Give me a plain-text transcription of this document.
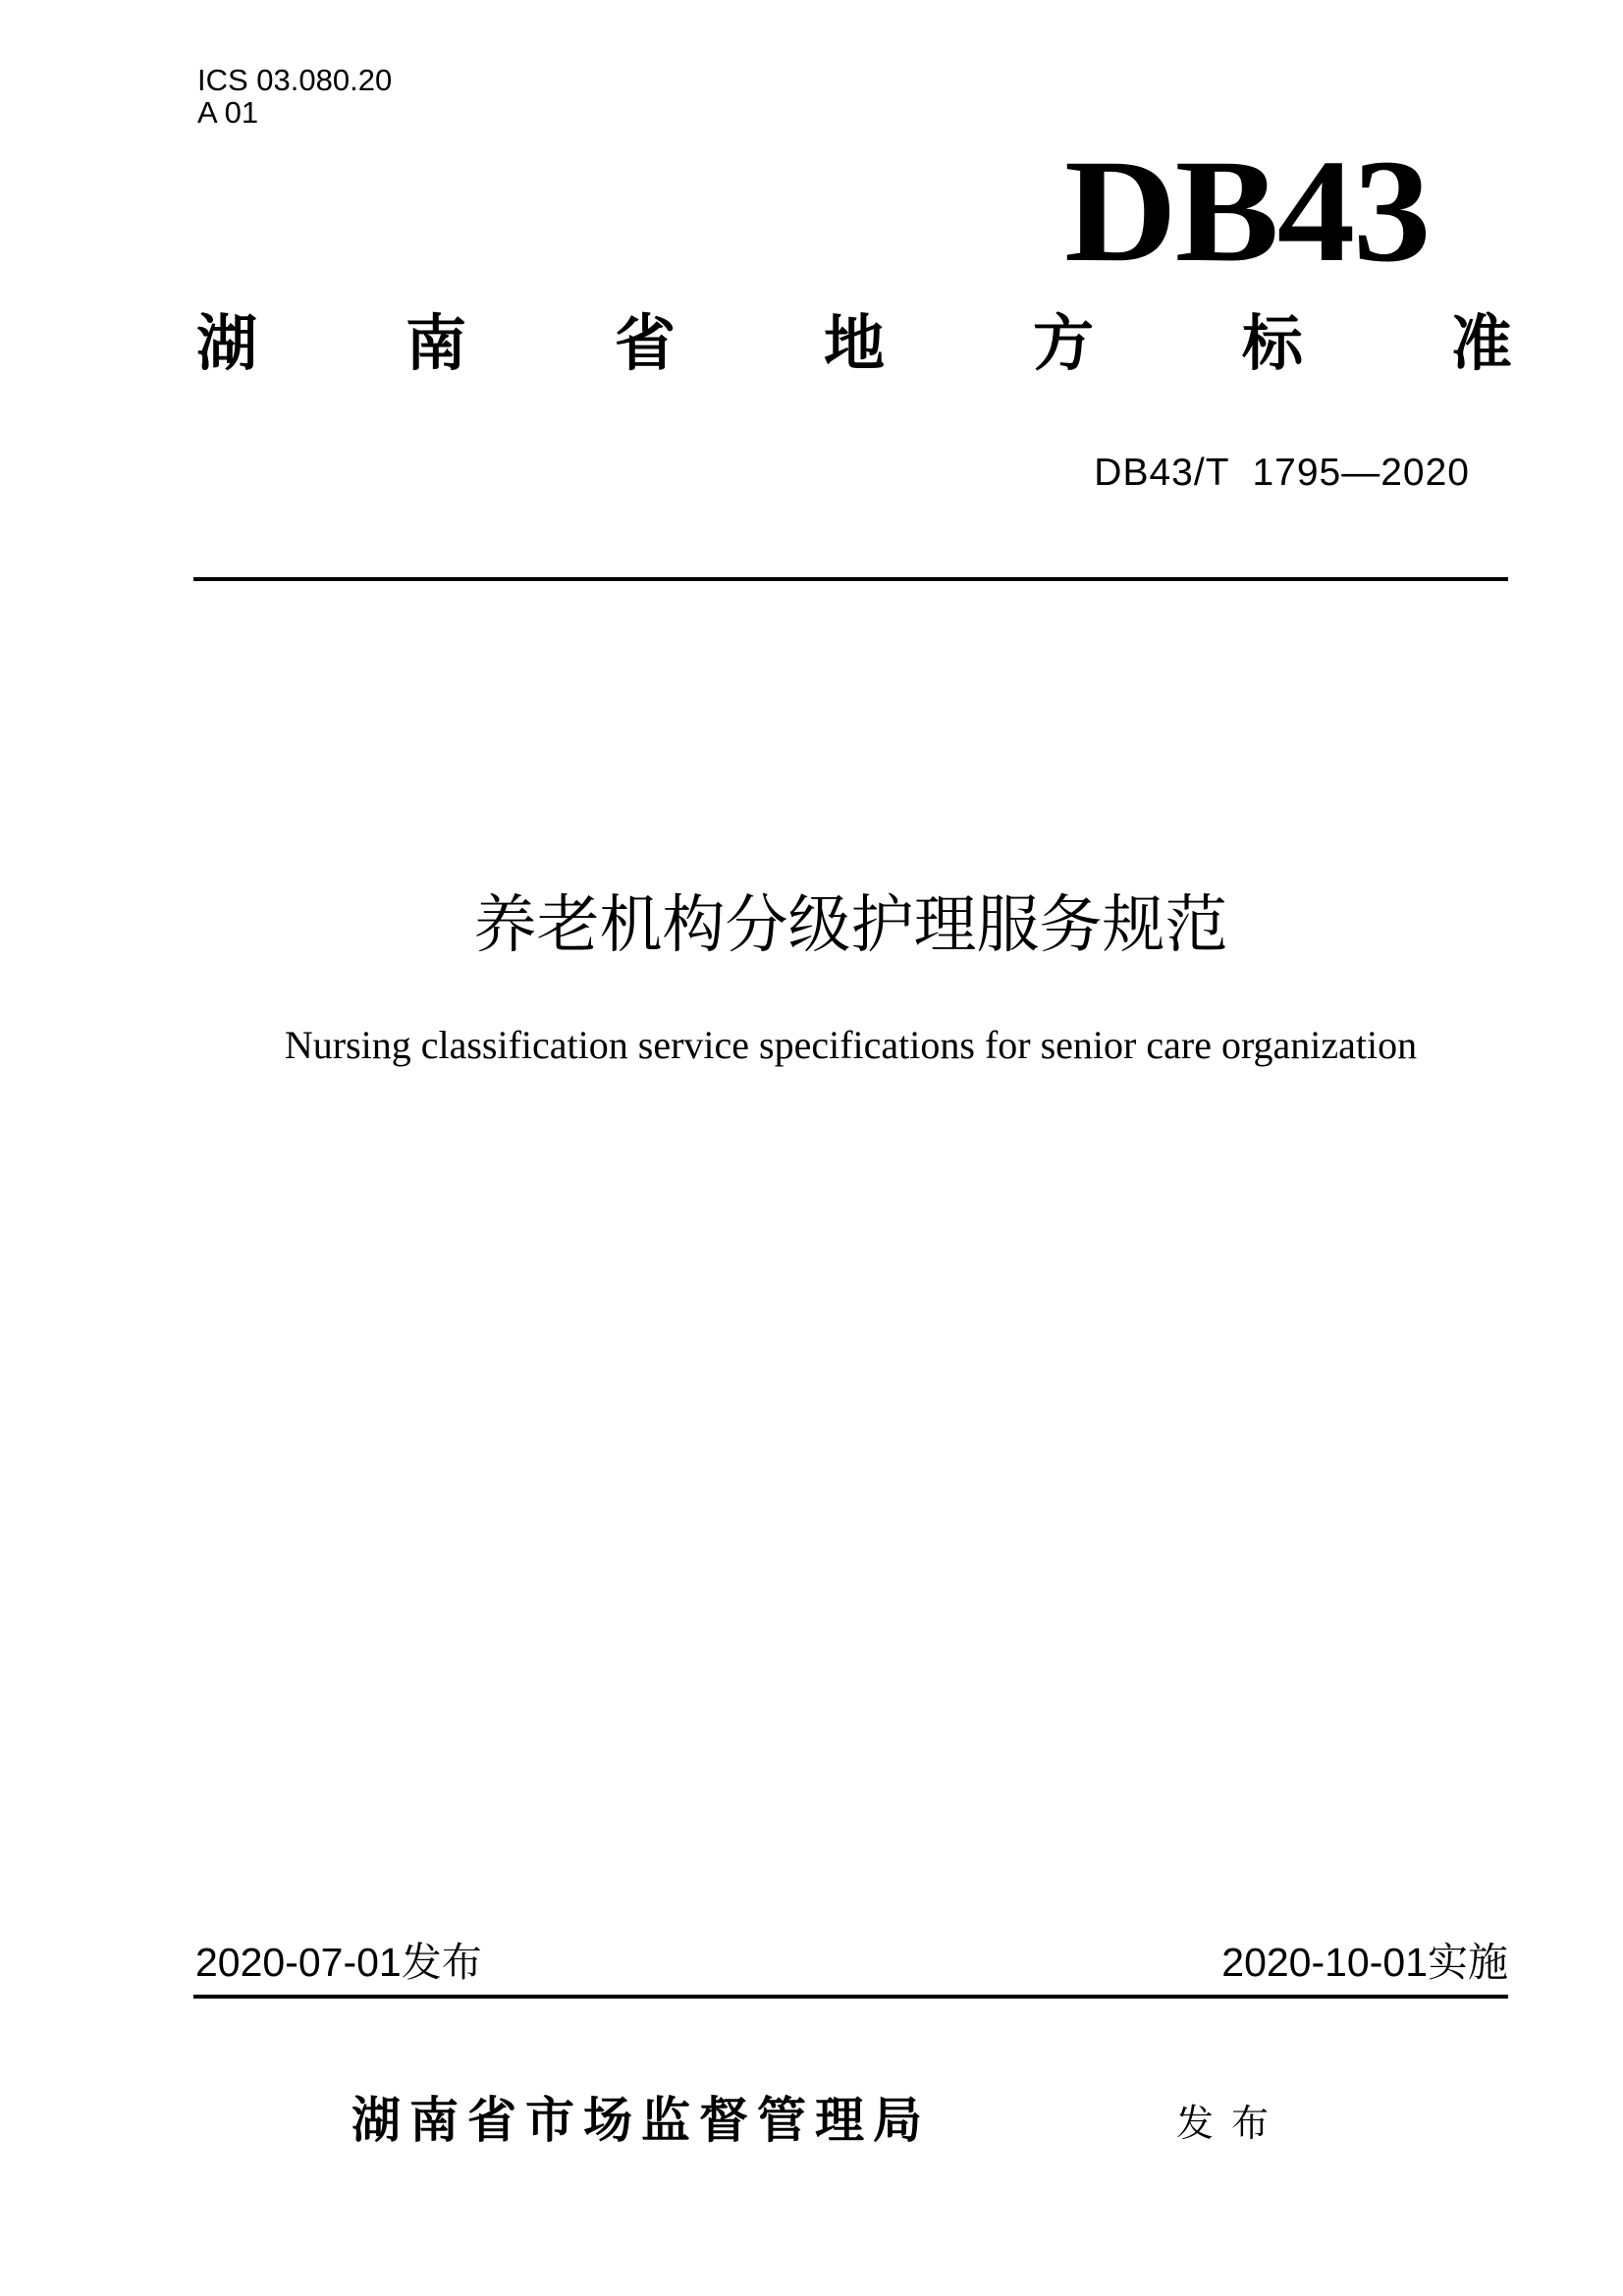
ICS 03.080.20
A 01
DB43
湖 南 省 地 方 标 准
DB43/T  1795—2020
养老机构分级护理服务规范
Nursing classification service specifications for senior care organization
2020-07-01发布	2020-10-01实施
湖南省市场监督管理局	发布
